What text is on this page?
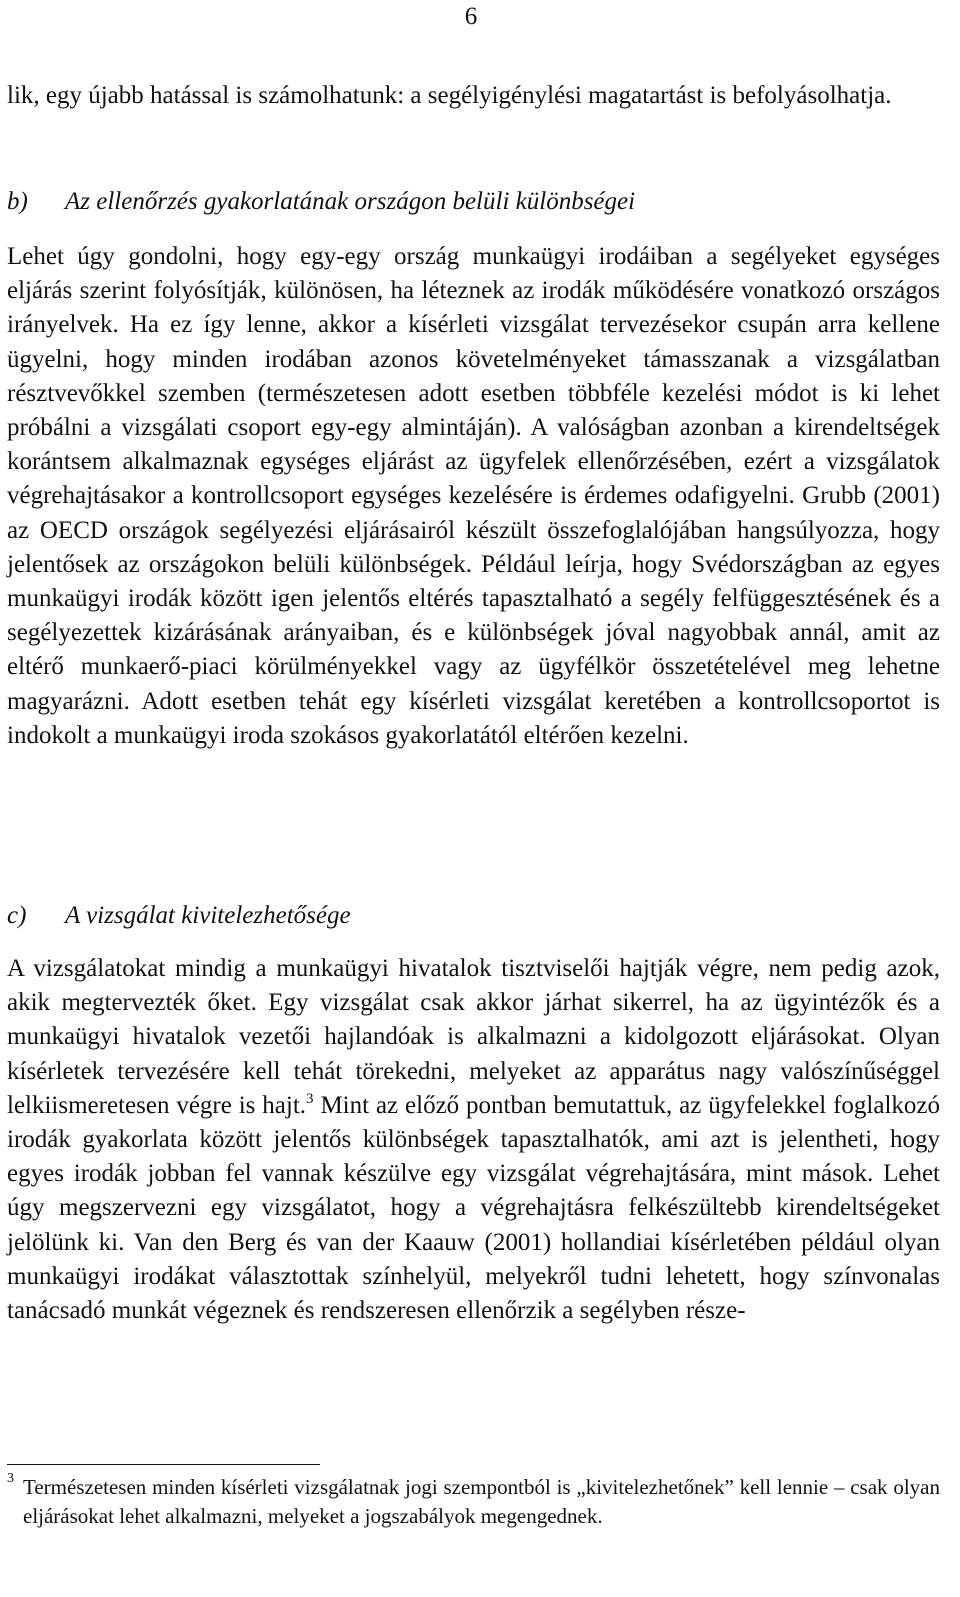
6

lik, egy újabb hatással is számolhatunk: a segélyigénylési magatartást is befolyásolhatja.

b) Az ellenőrzés gyakorlatának országon belüli különbségei

Lehet úgy gondolni, hogy egy-egy ország munkaügyi irodáiban a segélyeket egységes eljárás szerint folyósítják, különösen, ha léteznek az irodák működésére vonatkozó országos irányelvek. Ha ez így lenne, akkor a kísérleti vizsgálat tervezésekor csupán arra kellene ügyelni, hogy minden irodában azonos követelményeket támasszanak a vizsgálatban résztvevőkkel szemben (természetesen adott esetben többféle kezelési módot is ki lehet próbálni a vizsgálati csoport egy-egy almintáján). A valóságban azonban a kirendeltségek korántsem alkalmaznak egységes eljárást az ügyfelek ellenőrzésében, ezért a vizsgálatok végrehajtásakor a kontrollcsoport egységes kezelésére is érdemes odafigyelni. Grubb (2001) az OECD országok segélyezési eljárásairól készült összefoglalójában hangsúlyozza, hogy jelentősek az országokon belüli különbségek. Például leírja, hogy Svédországban az egyes munkaügyi irodák között igen jelentős eltérés tapasztalható a segély felfüggesztésének és a segélyezettek kizárásának arányaiban, és e különbségek jóval nagyobbak annál, amit az eltérő munkaerő-piaci körülményekkel vagy az ügyfélkör összetételével meg lehetne magyarázni. Adott esetben tehát egy kísérleti vizsgálat keretében a kontrollcsoportot is indokolt a munkaügyi iroda szokásos gyakorlatától eltérően kezelni.

c) A vizsgálat kivitelezhetősége

A vizsgálatokat mindig a munkaügyi hivatalok tisztviselői hajtják végre, nem pedig azok, akik megtervezték őket. Egy vizsgálat csak akkor járhat sikerrel, ha az ügyintézők és a munkaügyi hivatalok vezetői hajlandóak is alkalmazni a kidolgozott eljárásokat. Olyan kísérletek tervezésére kell tehát törekedni, melyeket az apparátus nagy valószínűséggel lelkiismeretesen végre is hajt.$^3$ Mint az előző pontban bemutattuk, az ügyfelekkel foglalkozó irodák gyakorlata között jelentős különbségek tapasztalhatók, ami azt is jelentheti, hogy egyes irodák jobban fel vannak készülve egy vizsgálat végrehajtására, mint mások. Lehet úgy megszervezni egy vizsgálatot, hogy a végrehajtásra felkészültebb kirendeltségeket jelölünk ki. Van den Berg és van der Kaauw (2001) hollandiai kísérletében például olyan munkaügyi irodákat választottak színhelyül, melyekről tudni lehetett, hogy színvonalas tanácsadó munkát végeznek és rendszeresen ellenőrzik a segélyben része-

3 Természetesen minden kísérleti vizsgálatnak jogi szempontból is „kivitelezhetőnek” kell lennie – csak olyan eljárásokat lehet alkalmazni, melyeket a jogszabályok megengednek.
